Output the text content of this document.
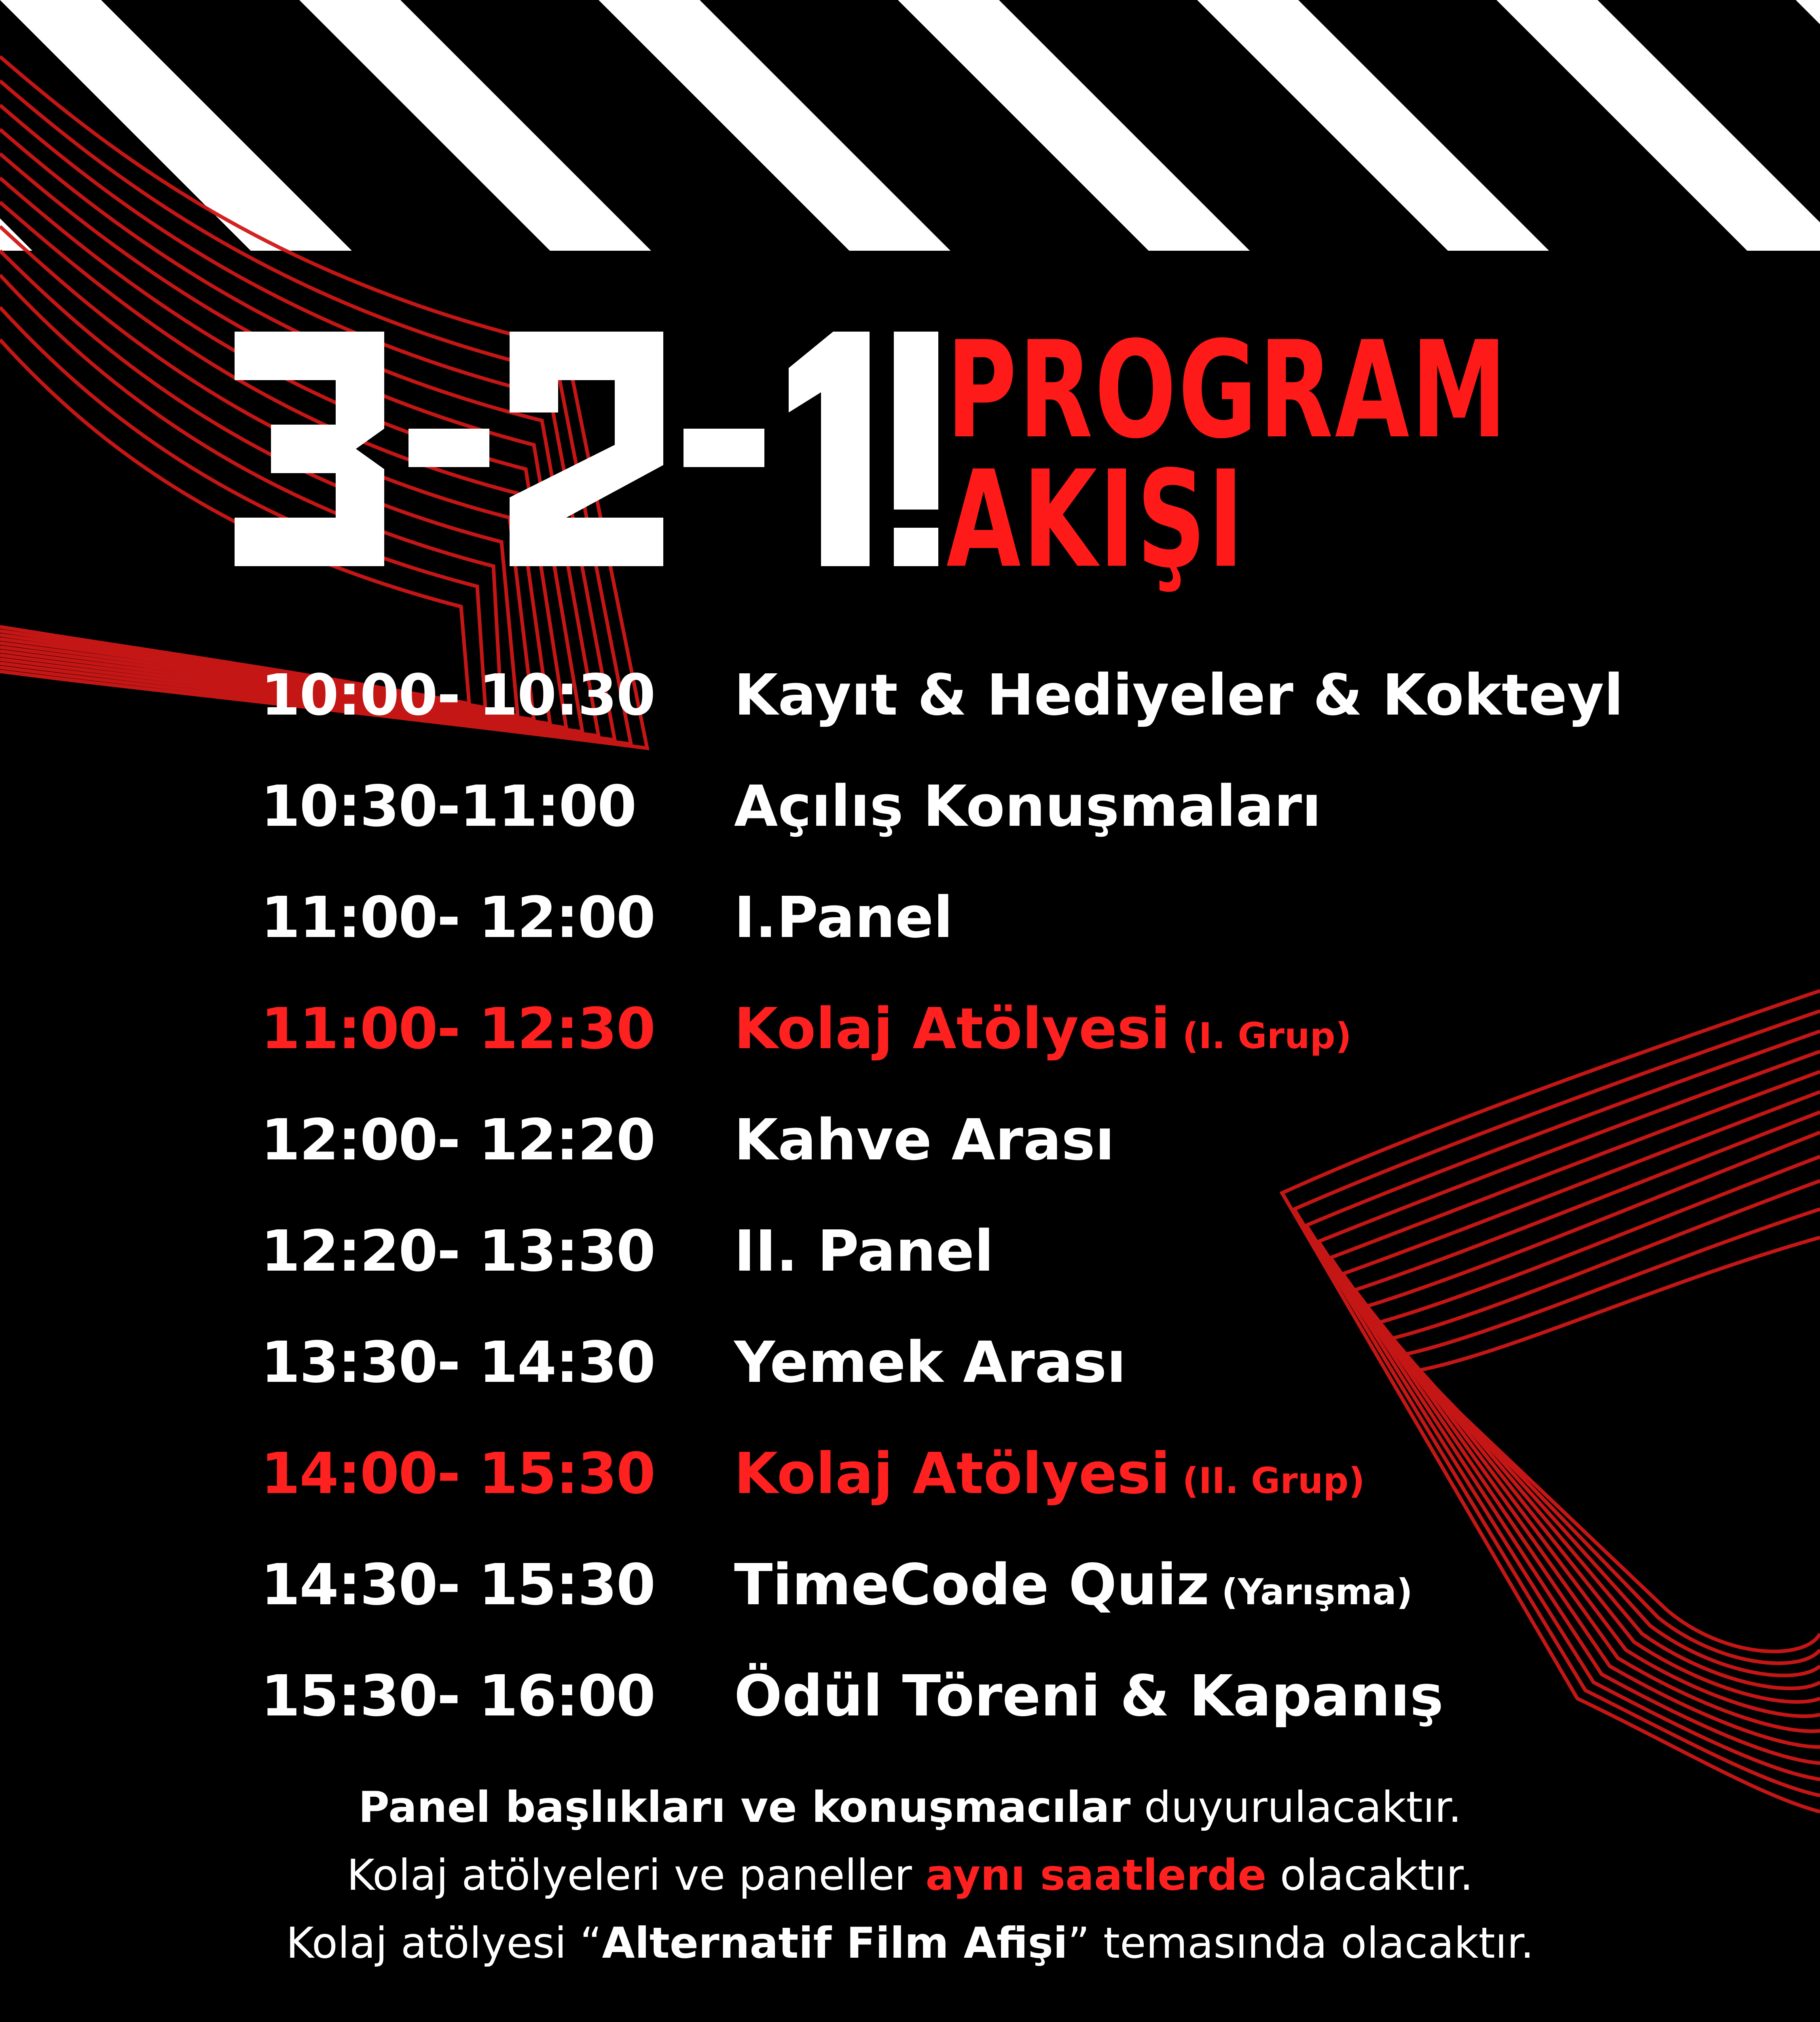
3-2-1!
PROGRAM
AKIŞI
10:00- 10:30 Kayıt & Hediyeler & Kokteyl
10:30-11:00 Açılış Konuşmaları
11:00- 12:00 I.Panel
11:00- 12:30 Kolaj Atölyesi (I. Grup)
12:00- 12:20 Kahve Arası
12:20- 13:30 II. Panel
13:30- 14:30 Yemek Arası
14:00- 15:30 Kolaj Atölyesi (II. Grup)
14:30- 15:30 TimeCode Quiz (Yarışma)
15:30- 16:00 Ödül Töreni & Kapanış
Panel başlıkları ve konuşmacılar duyurulacaktır.
Kolaj atölyeleri ve paneller aynı saatlerde olacaktır.
Kolaj atölyesi “Alternatif Film Afişi” temasında olacaktır.
